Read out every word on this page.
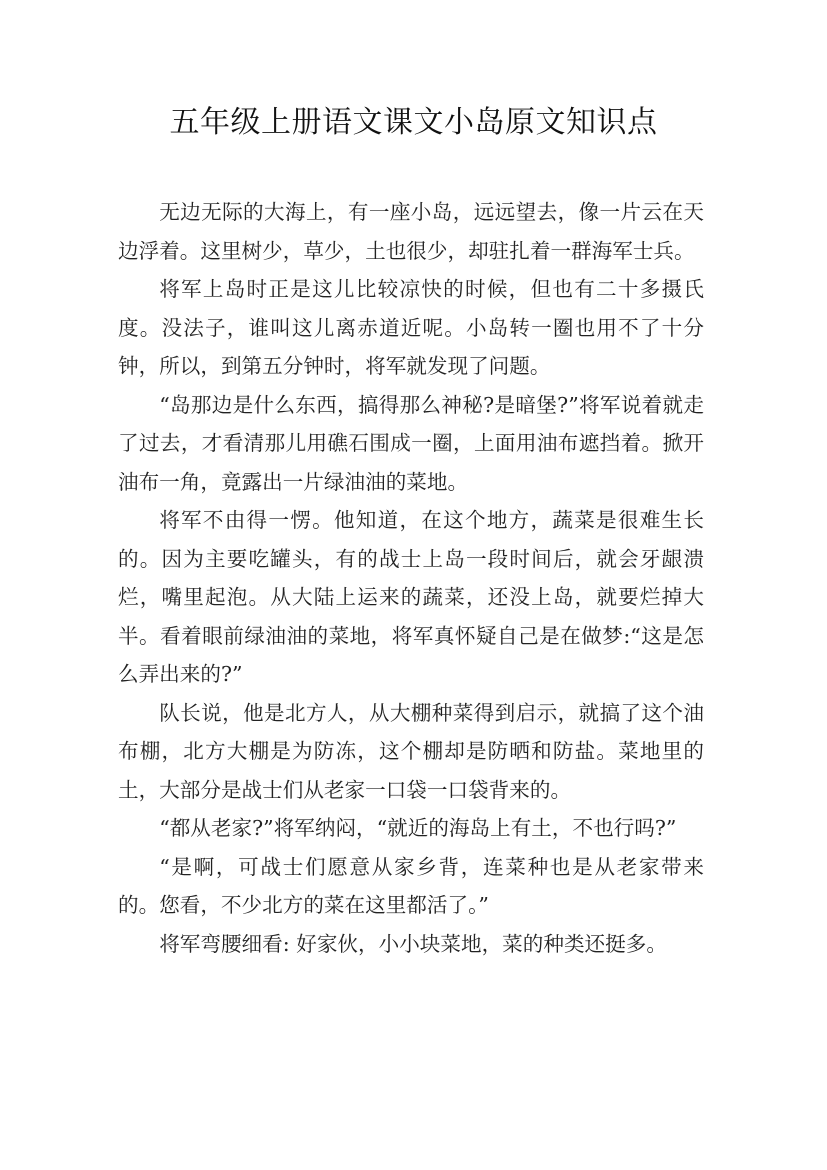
五年级上册语文课文小岛原文知识点

无边无际的大海上，有一座小岛，远远望去，像一片云在天边浮着。这里树少，草少，土也很少，却驻扎着一群海军士兵。

将军上岛时正是这儿比较凉快的时候，但也有二十多摄氏度。没法子，谁叫这儿离赤道近呢。小岛转一圈也用不了十分钟，所以，到第五分钟时，将军就发现了问题。

“岛那边是什么东西，搞得那么神秘?是暗堡?”将军说着就走了过去，才看清那儿用礁石围成一圈，上面用油布遮挡着。掀开油布一角，竟露出一片绿油油的菜地。

将军不由得一愣。他知道，在这个地方，蔬菜是很难生长的。因为主要吃罐头，有的战士上岛一段时间后，就会牙龈溃烂，嘴里起泡。从大陆上运来的蔬菜，还没上岛，就要烂掉大半。看着眼前绿油油的菜地，将军真怀疑自己是在做梦:“这是怎么弄出来的?”

队长说，他是北方人，从大棚种菜得到启示，就搞了这个油布棚，北方大棚是为防冻，这个棚却是防晒和防盐。菜地里的土，大部分是战士们从老家一口袋一口袋背来的。

“都从老家?”将军纳闷，“就近的海岛上有土，不也行吗?”

“是啊，可战士们愿意从家乡背，连菜种也是从老家带来的。您看，不少北方的菜在这里都活了。”

将军弯腰细看: 好家伙，小小块菜地，菜的种类还挺多。
